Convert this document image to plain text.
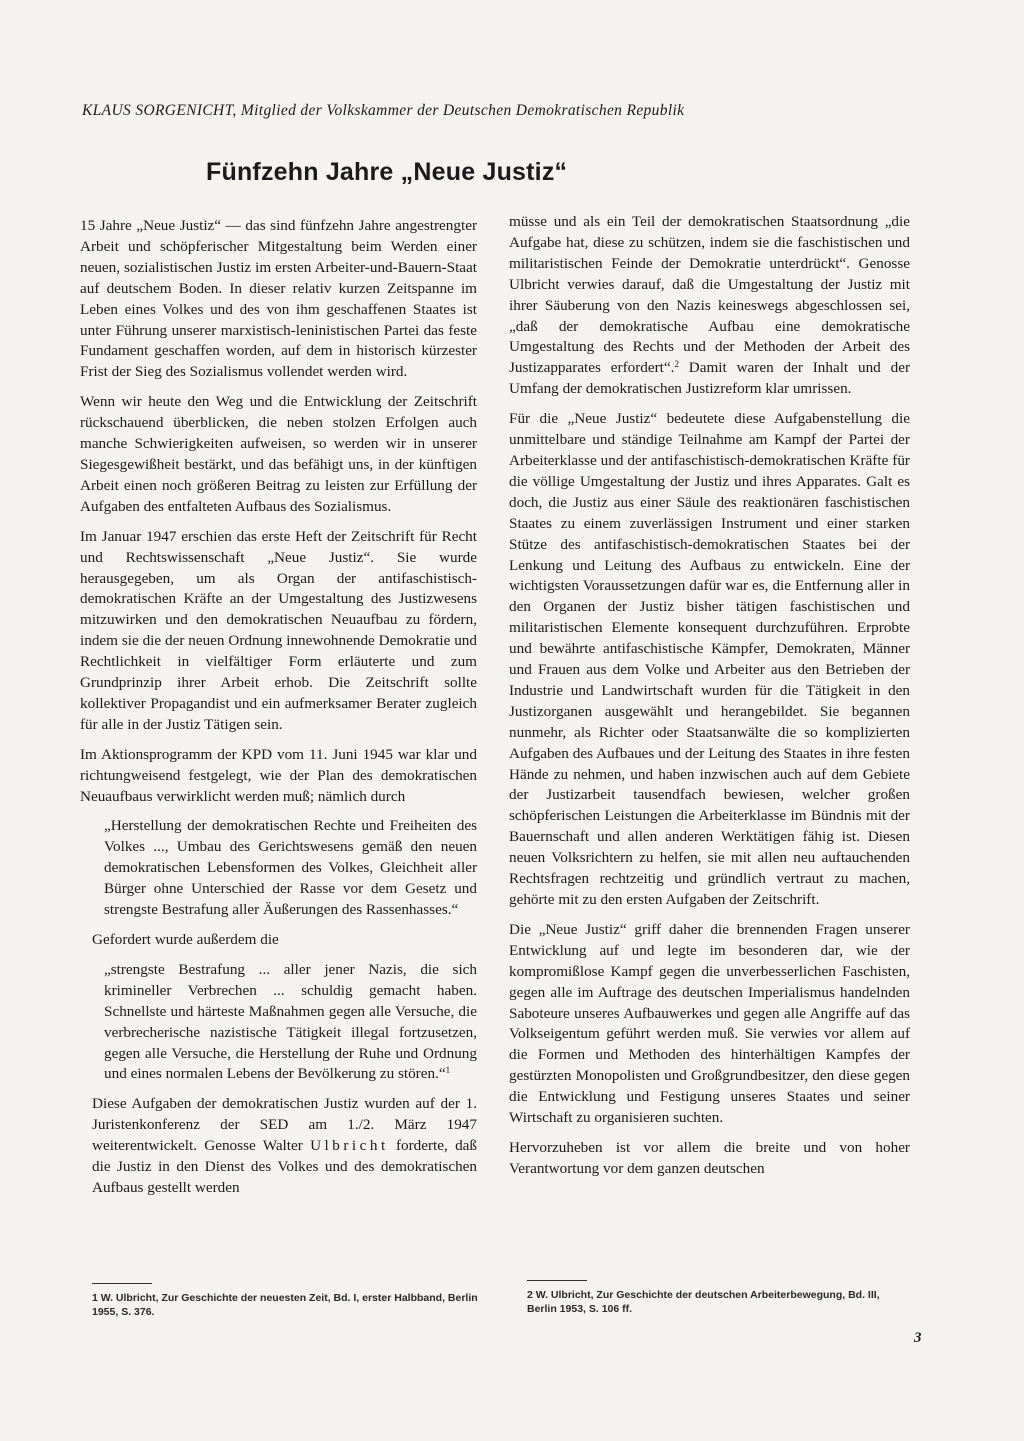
KLAUS SORGENICHT, Mitglied der Volkskammer der Deutschen Demokratischen Republik
Fünfzehn Jahre „Neue Justiz“

15 Jahre „Neue Justiz“ — das sind fünfzehn Jahre angestrengter Arbeit und schöpferischer Mitgestaltung beim Werden einer neuen, sozialistischen Justiz im ersten Arbeiter-und-Bauern-Staat auf deutschem Boden. In dieser relativ kurzen Zeitspanne im Leben eines Volkes und des von ihm geschaffenen Staates ist unter Führung unserer marxistisch-leninistischen Partei das feste Fundament geschaffen worden, auf dem in historisch kürzester Frist der Sieg des Sozialismus vollendet werden wird.

Wenn wir heute den Weg und die Entwicklung der Zeitschrift rückschauend überblicken, die neben stolzen Erfolgen auch manche Schwierigkeiten aufweisen, so werden wir in unserer Siegesgewißheit bestärkt, und das befähigt uns, in der künftigen Arbeit einen noch größeren Beitrag zu leisten zur Erfüllung der Aufgaben des entfalteten Aufbaus des Sozialismus.

Im Januar 1947 erschien das erste Heft der Zeitschrift für Recht und Rechtswissenschaft „Neue Justiz“. Sie wurde herausgegeben, um als Organ der antifaschistisch-demokratischen Kräfte an der Umgestaltung des Justizwesens mitzuwirken und den demokratischen Neuaufbau zu fördern, indem sie die der neuen Ordnung innewohnende Demokratie und Rechtlichkeit in vielfältiger Form erläuterte und zum Grundprinzip ihrer Arbeit erhob. Die Zeitschrift sollte kollektiver Propagandist und ein aufmerksamer Berater zugleich für alle in der Justiz Tätigen sein.

Im Aktionsprogramm der KPD vom 11. Juni 1945 war klar und richtungweisend festgelegt, wie der Plan des demokratischen Neuaufbaus verwirklicht werden muß; nämlich durch

„Herstellung der demokratischen Rechte und Freiheiten des Volkes ..., Umbau des Gerichtswesens gemäß den neuen demokratischen Lebensformen des Volkes, Gleichheit aller Bürger ohne Unterschied der Rasse vor dem Gesetz und strengste Bestrafung aller Äußerungen des Rassenhasses.“

Gefordert wurde außerdem die

„strengste Bestrafung ... aller jener Nazis, die sich krimineller Verbrechen ... schuldig gemacht haben. Schnellste und härteste Maßnahmen gegen alle Versuche, die verbrecherische nazistische Tätigkeit illegal fortzusetzen, gegen alle Versuche, die Herstellung der Ruhe und Ordnung und eines normalen Lebens der Bevölkerung zu stören.“$^1$

Diese Aufgaben der demokratischen Justiz wurden auf der 1. Juristenkonferenz der SED am 1./2. März 1947 weiterentwickelt. Genosse Walter Ulbricht forderte, daß die Justiz in den Dienst des Volkes und des demokratischen Aufbaus gestellt werden

müsse und als ein Teil der demokratischen Staatsordnung „die Aufgabe hat, diese zu schützen, indem sie die faschistischen und militaristischen Feinde der Demokratie unterdrückt“. Genosse Ulbricht verwies darauf, daß die Umgestaltung der Justiz mit ihrer Säuberung von den Nazis keineswegs abgeschlossen sei, „daß der demokratische Aufbau eine demokratische Umgestaltung des Rechts und der Methoden der Arbeit des Justizapparates erfordert“.$^2$ Damit waren der Inhalt und der Umfang der demokratischen Justizreform klar umrissen.

Für die „Neue Justiz“ bedeutete diese Aufgabenstellung die unmittelbare und ständige Teilnahme am Kampf der Partei der Arbeiterklasse und der antifaschistisch-demokratischen Kräfte für die völlige Umgestaltung der Justiz und ihres Apparates. Galt es doch, die Justiz aus einer Säule des reaktionären faschistischen Staates zu einem zuverlässigen Instrument und einer starken Stütze des antifaschistisch-demokratischen Staates bei der Lenkung und Leitung des Aufbaus zu entwickeln. Eine der wichtigsten Voraussetzungen dafür war es, die Entfernung aller in den Organen der Justiz bisher tätigen faschistischen und militaristischen Elemente konsequent durchzuführen. Erprobte und bewährte antifaschistische Kämpfer, Demokraten, Männer und Frauen aus dem Volke und Arbeiter aus den Betrieben der Industrie und Landwirtschaft wurden für die Tätigkeit in den Justizorganen ausgewählt und herangebildet. Sie begannen nunmehr, als Richter oder Staatsanwälte die so komplizierten Aufgaben des Aufbaues und der Leitung des Staates in ihre festen Hände zu nehmen, und haben inzwischen auch auf dem Gebiete der Justizarbeit tausendfach bewiesen, welcher großen schöpferischen Leistungen die Arbeiterklasse im Bündnis mit der Bauernschaft und allen anderen Werktätigen fähig ist. Diesen neuen Volksrichtern zu helfen, sie mit allen neu auftauchenden Rechtsfragen rechtzeitig und gründlich vertraut zu machen, gehörte mit zu den ersten Aufgaben der Zeitschrift.

Die „Neue Justiz“ griff daher die brennenden Fragen unserer Entwicklung auf und legte im besonderen dar, wie der kompromißlose Kampf gegen die unverbesserlichen Faschisten, gegen alle im Auftrage des deutschen Imperialismus handelnden Saboteure unseres Aufbauwerkes und gegen alle Angriffe auf das Volkseigentum geführt werden muß. Sie verwies vor allem auf die Formen und Methoden des hinterhältigen Kampfes der gestürzten Monopolisten und Großgrundbesitzer, den diese gegen die Entwicklung und Festigung unseres Staates und seiner Wirtschaft zu organisieren suchten.

Hervorzuheben ist vor allem die breite und von hoher Verantwortung vor dem ganzen deutschen

1 W. Ulbricht, Zur Geschichte der neuesten Zeit, Bd. I, erster Halbband, Berlin 1955, S. 376.
2 W. Ulbricht, Zur Geschichte der deutschen Arbeiterbewegung, Bd. III, Berlin 1953, S. 106 ff.
3
